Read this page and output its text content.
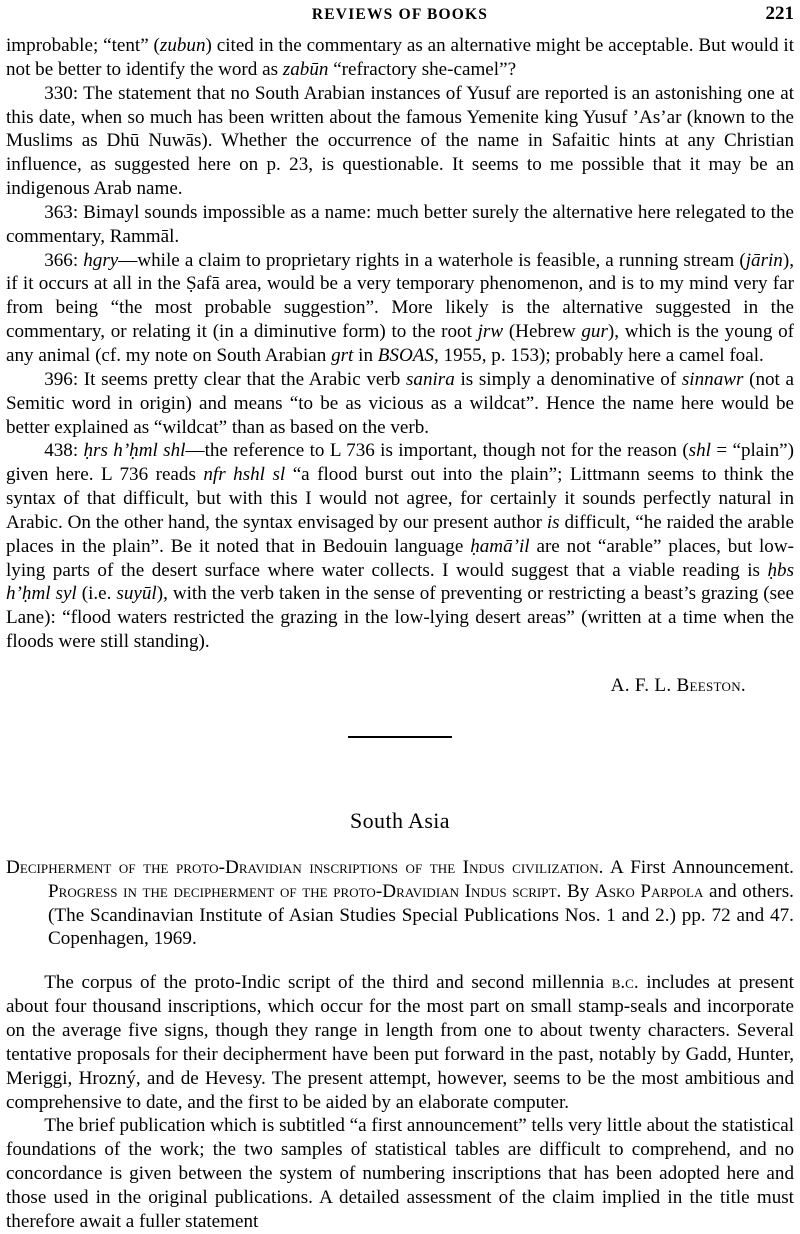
REVIEWS OF BOOKS	221

improbable; “tent” (zubun) cited in the commentary as an alternative might be acceptable. But would it not be better to identify the word as zabūn “refractory she-camel”?

330: The statement that no South Arabian instances of Yusuf are reported is an astonishing one at this date, when so much has been written about the famous Yemenite king Yusuf ’As’ar (known to the Muslims as Dhū Nuwās). Whether the occurrence of the name in Safaitic hints at any Christian influence, as suggested here on p. 23, is questionable. It seems to me possible that it may be an indigenous Arab name.

363: Bimayl sounds impossible as a name: much better surely the alternative here relegated to the commentary, Rammāl.

366: hgry—while a claim to proprietary rights in a waterhole is feasible, a running stream (jārin), if it occurs at all in the Ṣafā area, would be a very temporary phenomenon, and is to my mind very far from being “the most probable suggestion”. More likely is the alternative suggested in the commentary, or relating it (in a diminutive form) to the root jrw (Hebrew gur), which is the young of any animal (cf. my note on South Arabian grt in BSOAS, 1955, p. 153); probably here a camel foal.

396: It seems pretty clear that the Arabic verb sanira is simply a denominative of sinnawr (not a Semitic word in origin) and means “to be as vicious as a wildcat”. Hence the name here would be better explained as “wildcat” than as based on the verb.

438: ḥrs h’ḥml shl—the reference to L 736 is important, though not for the reason (shl = “plain”) given here. L 736 reads nfr hshl sl “a flood burst out into the plain”; Littmann seems to think the syntax of that difficult, but with this I would not agree, for certainly it sounds perfectly natural in Arabic. On the other hand, the syntax envisaged by our present author is difficult, “he raided the arable places in the plain”. Be it noted that in Bedouin language ḥamā’il are not “arable” places, but low-lying parts of the desert surface where water collects. I would suggest that a viable reading is ḥbs h’ḥml syl (i.e. suyūl), with the verb taken in the sense of preventing or restricting a beast’s grazing (see Lane): “flood waters restricted the grazing in the low-lying desert areas” (written at a time when the floods were still standing).

A. F. L. Beeston.
South Asia
Decipherment of the proto-Dravidian inscriptions of the Indus civilization. A First Announcement. Progress in the decipherment of the proto-Dravidian Indus script. By Asko Parpola and others. (The Scandinavian Institute of Asian Studies Special Publications Nos. 1 and 2.) pp. 72 and 47. Copenhagen, 1969.

The corpus of the proto-Indic script of the third and second millennia b.c. includes at present about four thousand inscriptions, which occur for the most part on small stamp-seals and incorporate on the average five signs, though they range in length from one to about twenty characters. Several tentative proposals for their decipherment have been put forward in the past, notably by Gadd, Hunter, Meriggi, Hrozný, and de Hevesy. The present attempt, however, seems to be the most ambitious and comprehensive to date, and the first to be aided by an elaborate computer.

The brief publication which is subtitled “a first announcement” tells very little about the statistical foundations of the work; the two samples of statistical tables are difficult to comprehend, and no concordance is given between the system of numbering inscriptions that has been adopted here and those used in the original publications. A detailed assessment of the claim implied in the title must therefore await a fuller statement
